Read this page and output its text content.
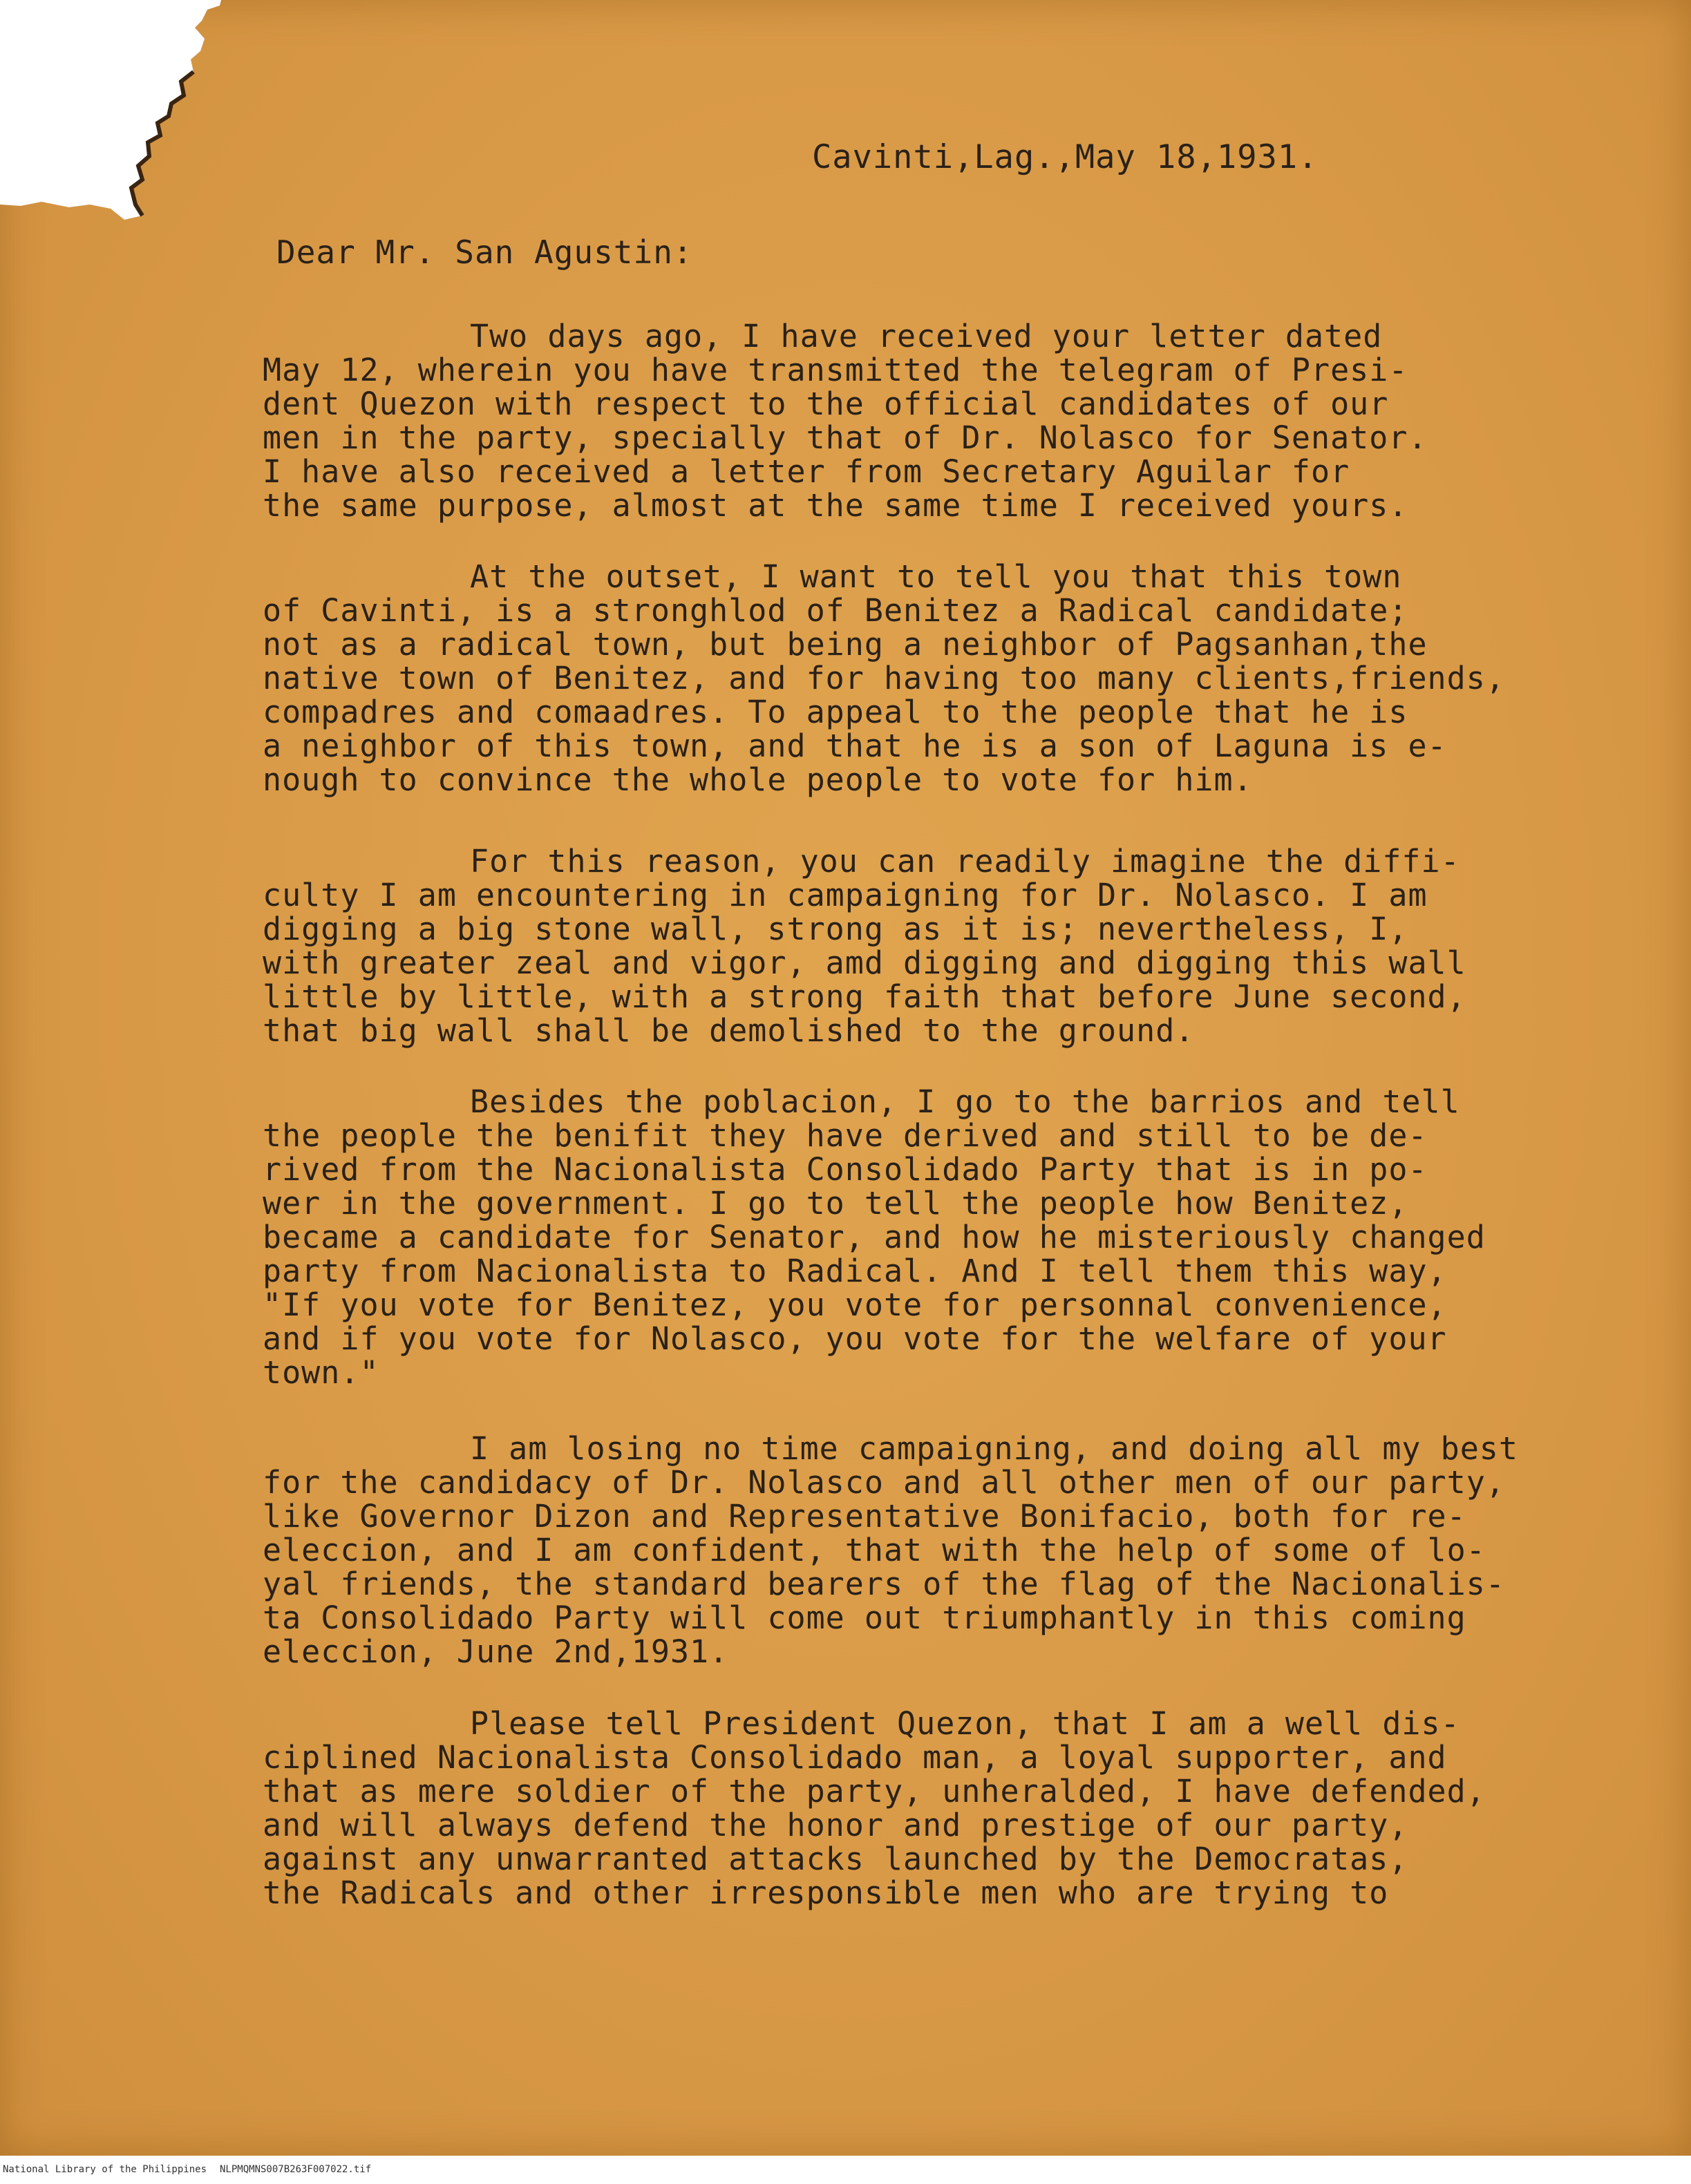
Cavinti,Lag.,May 18,1931.
Dear Mr. San Agustin:
Two days ago, I have received your letter dated
May 12, wherein you have transmitted the telegram of Presi-
dent Quezon with respect to the official candidates of our
men in the party, specially that of Dr. Nolasco for Senator.
I have also received a letter from Secretary Aguilar for
the same purpose, almost at the same time I received yours.
At the outset, I want to tell you that this town
of Cavinti, is a stronghlod of Benitez a Radical candidate;
not as a radical town, but being a neighbor of Pagsanhan,the
native town of Benitez, and for having too many clients,friends,
compadres and comaadres. To appeal to the people that he is
a neighbor of this town, and that he is a son of Laguna is e-
nough to convince the whole people to vote for him.
For this reason, you can readily imagine the diffi-
culty I am encountering in campaigning for Dr. Nolasco. I am
digging a big stone wall, strong as it is; nevertheless, I,
with greater zeal and vigor, amd digging and digging this wall
little by little, with a strong faith that before June second,
that big wall shall be demolished to the ground.
Besides the poblacion, I go to the barrios and tell
the people the benifit they have derived and still to be de-
rived from the Nacionalista Consolidado Party that is in po-
wer in the government. I go to tell the people how Benitez,
became a candidate for Senator, and how he misteriously changed
party from Nacionalista to Radical. And I tell them this way,
"If you vote for Benitez, you vote for personnal convenience,
and if you vote for Nolasco, you vote for the welfare of your
town."
I am losing no time campaigning, and doing all my best
for the candidacy of Dr. Nolasco and all other men of our party,
like Governor Dizon and Representative Bonifacio, both for re-
eleccion, and I am confident, that with the help of some of lo-
yal friends, the standard bearers of the flag of the Nacionalis-
ta Consolidado Party will come out triumphantly in this coming
eleccion, June 2nd,1931.
Please tell President Quezon, that I am a well dis-
ciplined Nacionalista Consolidado man, a loyal supporter, and
that as mere soldier of the party, unheralded, I have defended,
and will always defend the honor and prestige of our party,
against any unwarranted attacks launched by the Democratas,
the Radicals and other irresponsible men who are trying to
National Library of the Philippines NLPMQMNS007B263F007022.tif
